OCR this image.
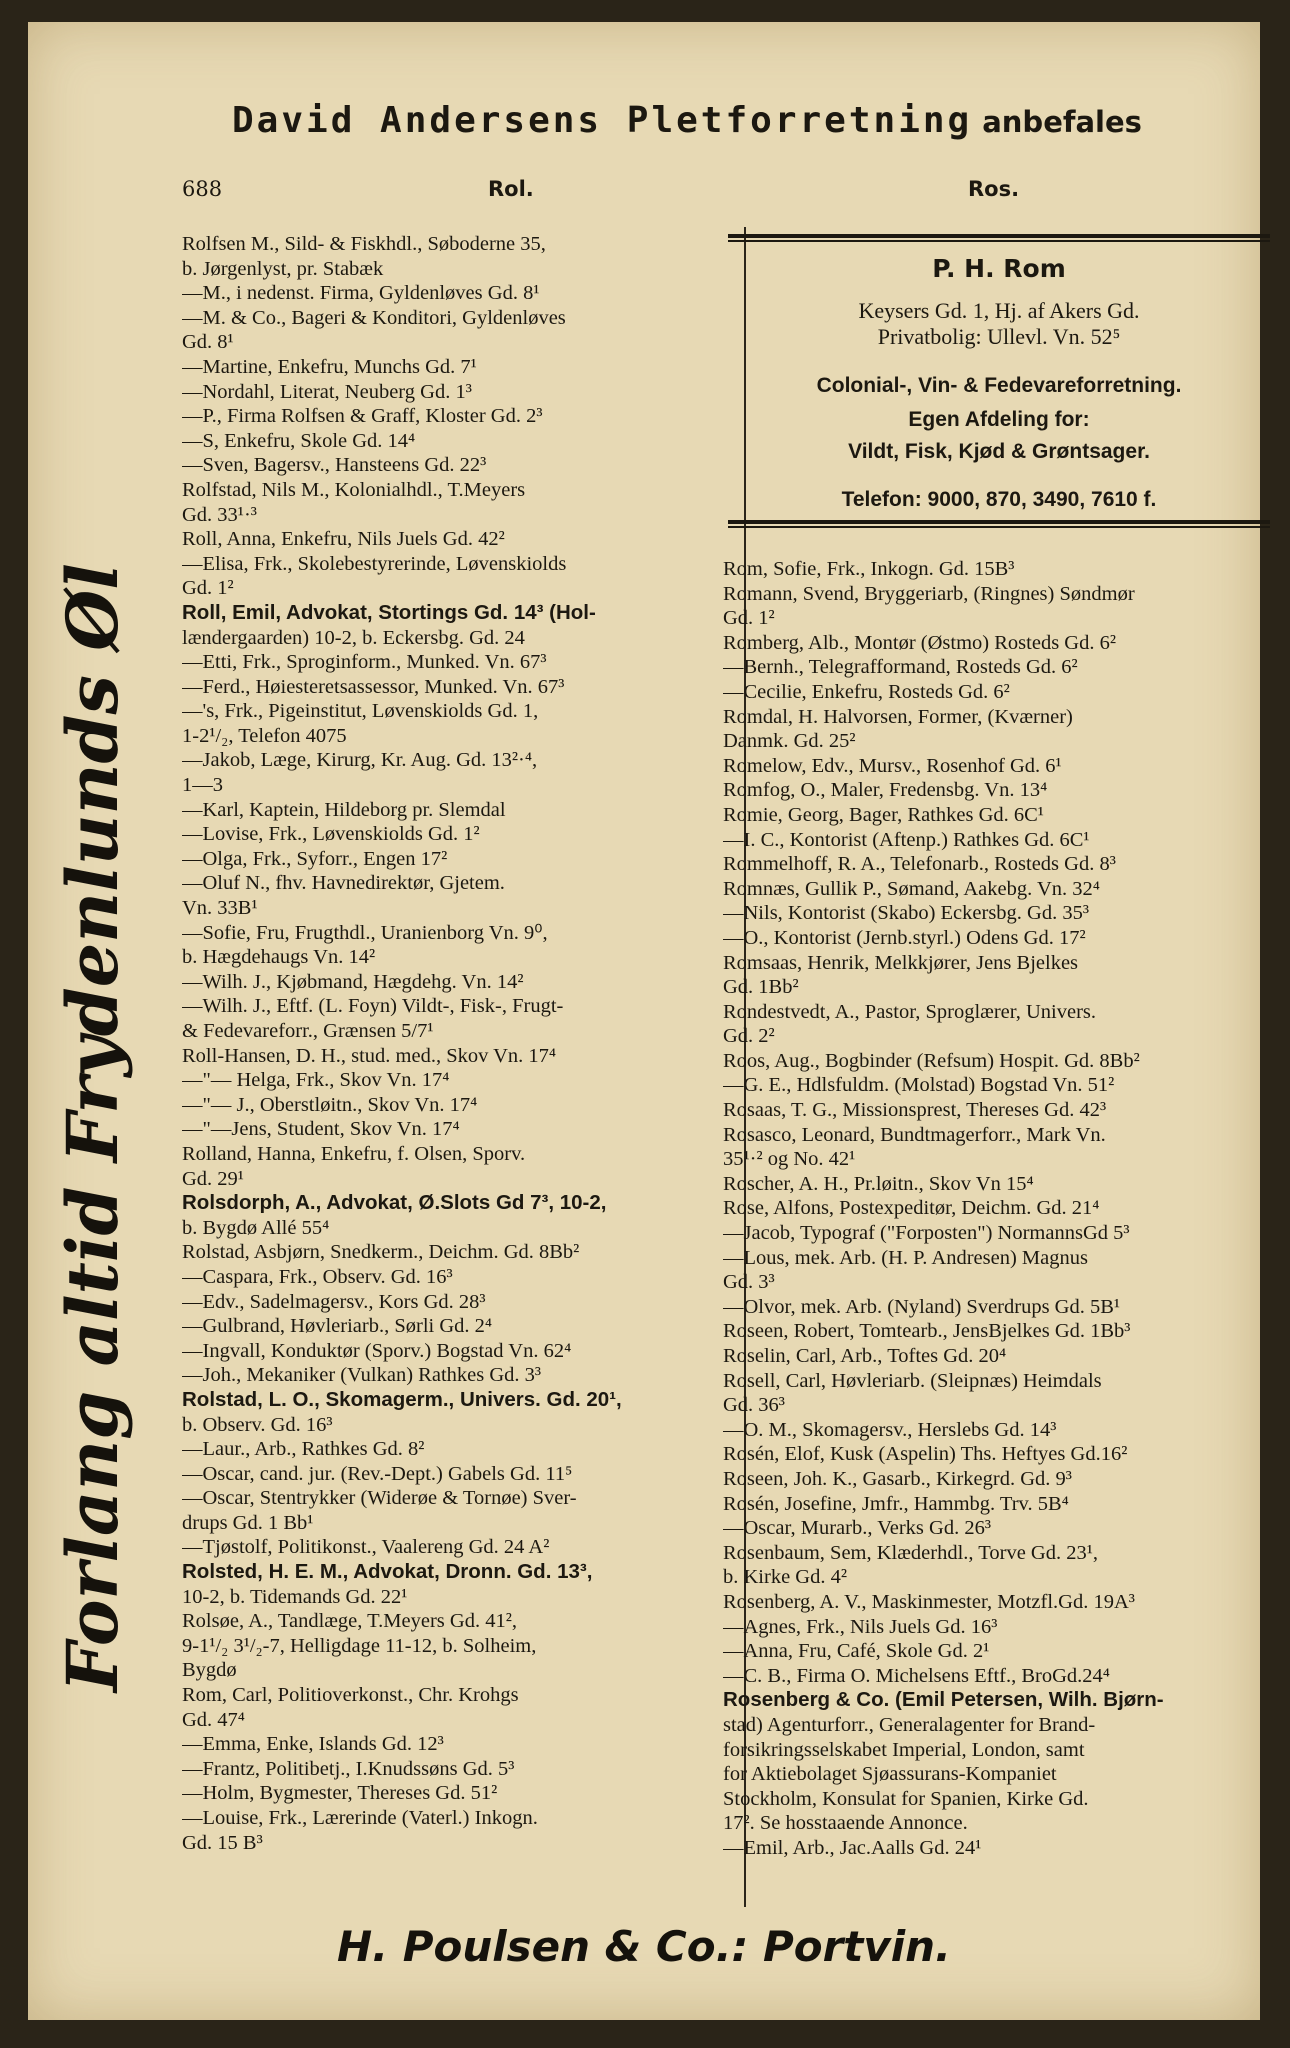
David Andersens Pletforretning anbefales
688	Rol.	Ros.
Forlang altid Frydenlunds Øl
P. H. Rom
Keysers Gd. 1, Hj. af Akers Gd.
Privatbolig: Ullevl. Vn. 52⁵
Colonial-, Vin- & Fedevareforretning.
Egen Afdeling for:
Vildt, Fisk, Kjød & Grøntsager.
Telefon: 9000, 870, 3490, 7610 f.
Rolfsen M., Sild- & Fiskhdl., Søboderne 35,
b. Jørgenlyst, pr. Stabæk
—M., i nedenst. Firma, Gyldenløves Gd. 8¹
—M. & Co., Bageri & Konditori, Gyldenløves
Gd. 8¹
—Martine, Enkefru, Munchs Gd. 7¹
—Nordahl, Literat, Neuberg Gd. 1³
—P., Firma Rolfsen & Graff, Kloster Gd. 2³
—S, Enkefru, Skole Gd. 14⁴
—Sven, Bagersv., Hansteens Gd. 22³
Rolfstad, Nils M., Kolonialhdl., T.Meyers
Gd. 33¹·³
Roll, Anna, Enkefru, Nils Juels Gd. 42²
—Elisa, Frk., Skolebestyrerinde, Løvenskiolds
Gd. 1²
Roll, Emil, Advokat, Stortings Gd. 14³ (Hol-
lændergaarden) 10-2, b. Eckersbg. Gd. 24
—Etti, Frk., Sproginform., Munked. Vn. 67³
—Ferd., Høiesteretsassessor, Munked. Vn. 67³
—'s, Frk., Pigeinstitut, Løvenskiolds Gd. 1,
1-2¹/₂, Telefon 4075
—Jakob, Læge, Kirurg, Kr. Aug. Gd. 13²·⁴,
1—3
—Karl, Kaptein, Hildeborg pr. Slemdal
—Lovise, Frk., Løvenskiolds Gd. 1²
—Olga, Frk., Syforr., Engen 17²
—Oluf N., fhv. Havnedirektør, Gjetem.
Vn. 33B¹
—Sofie, Fru, Frugthdl., Uranienborg Vn. 9⁰,
b. Hægdehaugs Vn. 14²
—Wilh. J., Kjøbmand, Hægdehg. Vn. 14²
—Wilh. J., Eftf. (L. Foyn) Vildt-, Fisk-, Frugt-
& Fedevareforr., Grænsen 5/7¹
Roll-Hansen, D. H., stud. med., Skov Vn. 17⁴
—"— Helga, Frk., Skov Vn. 17⁴
—"— J., Oberstløitn., Skov Vn. 17⁴
—"—Jens, Student, Skov Vn. 17⁴
Rolland, Hanna, Enkefru, f. Olsen, Sporv.
Gd. 29¹
Rolsdorph, A., Advokat, Ø.Slots Gd 7³, 10-2,
b. Bygdø Allé 55⁴
Rolstad, Asbjørn, Snedkerm., Deichm. Gd. 8Bb²
—Caspara, Frk., Observ. Gd. 16³
—Edv., Sadelmagersv., Kors Gd. 28³
—Gulbrand, Høvleriarb., Sørli Gd. 2⁴
—Ingvall, Konduktør (Sporv.) Bogstad Vn. 62⁴
—Joh., Mekaniker (Vulkan) Rathkes Gd. 3³
Rolstad, L. O., Skomagerm., Univers. Gd. 20¹,
b. Observ. Gd. 16³
—Laur., Arb., Rathkes Gd. 8²
—Oscar, cand. jur. (Rev.-Dept.) Gabels Gd. 11⁵
—Oscar, Stentrykker (Widerøe & Tornøe) Sver-
drups Gd. 1 Bb¹
—Tjøstolf, Politikonst., Vaalereng Gd. 24 A²
Rolsted, H. E. M., Advokat, Dronn. Gd. 13³,
10-2, b. Tidemands Gd. 22¹
Rolsøe, A., Tandlæge, T.Meyers Gd. 41²,
9-1¹/₂ 3¹/₂-7, Helligdage 11-12, b. Solheim,
Bygdø
Rom, Carl, Politioverkonst., Chr. Krohgs
Gd. 47⁴
—Emma, Enke, Islands Gd. 12³
—Frantz, Politibetj., I.Knudssøns Gd. 5³
—Holm, Bygmester, Thereses Gd. 51²
—Louise, Frk., Lærerinde (Vaterl.) Inkogn.
Gd. 15 B³
Rom, Sofie, Frk., Inkogn. Gd. 15B³
Romann, Svend, Bryggeriarb, (Ringnes) Søndmør
Gd. 1²
Romberg, Alb., Montør (Østmo) Rosteds Gd. 6²
—Bernh., Telegrafformand, Rosteds Gd. 6²
—Cecilie, Enkefru, Rosteds Gd. 6²
Romdal, H. Halvorsen, Former, (Kværner)
Danmk. Gd. 25²
Romelow, Edv., Mursv., Rosenhof Gd. 6¹
Romfog, O., Maler, Fredensbg. Vn. 13⁴
Romie, Georg, Bager, Rathkes Gd. 6C¹
—I. C., Kontorist (Aftenp.) Rathkes Gd. 6C¹
Rommelhoff, R. A., Telefonarb., Rosteds Gd. 8³
Romnæs, Gullik P., Sømand, Aakebg. Vn. 32⁴
—Nils, Kontorist (Skabo) Eckersbg. Gd. 35³
—O., Kontorist (Jernb.styrl.) Odens Gd. 17²
Romsaas, Henrik, Melkkjører, Jens Bjelkes
Gd. 1Bb²
Rondestvedt, A., Pastor, Sproglærer, Univers.
Gd. 2²
Roos, Aug., Bogbinder (Refsum) Hospit. Gd. 8Bb²
—G. E., Hdlsfuldm. (Molstad) Bogstad Vn. 51²
Rosaas, T. G., Missionsprest, Thereses Gd. 42³
Rosasco, Leonard, Bundtmagerforr., Mark Vn.
35¹·² og No. 42¹
Roscher, A. H., Pr.løitn., Skov Vn 15⁴
Rose, Alfons, Postexpeditør, Deichm. Gd. 21⁴
—Jacob, Typograf ("Forposten") NormannsGd 5³
—Lous, mek. Arb. (H. P. Andresen) Magnus
Gd. 3³
—Olvor, mek. Arb. (Nyland) Sverdrups Gd. 5B¹
Roseen, Robert, Tomtearb., JensBjelkes Gd. 1Bb³
Roselin, Carl, Arb., Toftes Gd. 20⁴
Rosell, Carl, Høvleriarb. (Sleipnæs) Heimdals
Gd. 36³
—O. M., Skomagersv., Herslebs Gd. 14³
Rosén, Elof, Kusk (Aspelin) Ths. Heftyes Gd.16²
Roseen, Joh. K., Gasarb., Kirkegrd. Gd. 9³
Rosén, Josefine, Jmfr., Hammbg. Trv. 5B⁴
—Oscar, Murarb., Verks Gd. 26³
Rosenbaum, Sem, Klæderhdl., Torve Gd. 23¹,
b. Kirke Gd. 4²
Rosenberg, A. V., Maskinmester, Motzfl.Gd. 19A³
—Agnes, Frk., Nils Juels Gd. 16³
—Anna, Fru, Café, Skole Gd. 2¹
—C. B., Firma O. Michelsens Eftf., BroGd.24⁴
Rosenberg & Co. (Emil Petersen, Wilh. Bjørn-
stad) Agenturforr., Generalagenter for Brand-
forsikringsselskabet Imperial, London, samt
for Aktiebolaget Sjøassurans-Kompaniet
Stockholm, Konsulat for Spanien, Kirke Gd.
17². Se hosstaaende Annonce.
—Emil, Arb., Jac.Aalls Gd. 24¹
H. Poulsen & Co.: Portvin.
